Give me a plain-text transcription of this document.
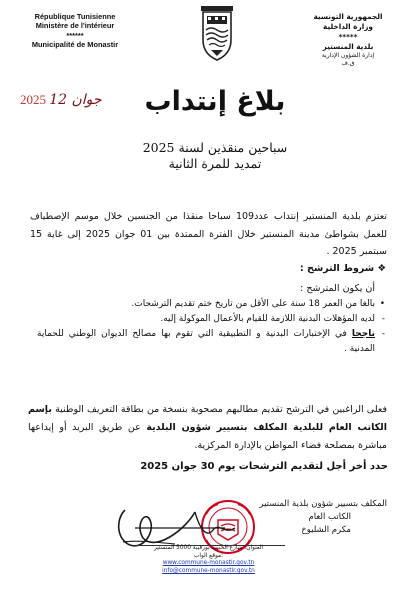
République Tunisienne
Ministère de l'intérieur
******
Municipalité de Monastir
الجمهورية التونسية
وزارة الداخلية
*****
بلدية المنستير
إدارة الشؤون الإدارية
ق.ف
2025 12 جوان	بلاغ إنتداب
سباحين منقذين لسنة 2025
تمديد للمرة الثانية
تعتزم بلدية المنستير إنتداب عدد109 سباحا منقذا من الجنسين خلال موسم الإصطياف للعمل بشواطئ مدينة المنستير خلال الفترة الممتدة بين 01 جوان 2025 إلى غاية 15 سبتمبر 2025 .
❖ شروط الترشح :
أن يكون المترشح :
• بالغا من العمر 18 سنة على الأقل من تاريخ ختم تقديم الترشحات.
- لديه المؤهلات البدنية اللازمة للقيام بالأعمال الموكولة إليه.
- ناجحا في الإختبارات البدنية و التطبيقية التي تقوم بها مصالح الديوان الوطني للحماية المدنية .
فعلى الراغبين في الترشح تقديم مطالبهم مصحوبة بنسخة من بطاقة التعريف الوطنية بإسم الكاتب العام للبلدية المكلف بتسيير شؤون البلدية عن طريق البريد أو إيداعها مباشرة بمصلحة فضاء المواطن بالإدارة المركزية.
حدد أخر أجل لتقديم الترشحات يوم 30 جوان 2025
المكلف بتسيير شؤون بلدية المنستير
الكاتب العام
مكرم الشليوخ
العنوان: شارع الحبيب بورقيبة 5000 المنستير
موقع الواب:
www.commune-monastir.gov.tn
info@commune-monastir.gov.tn
